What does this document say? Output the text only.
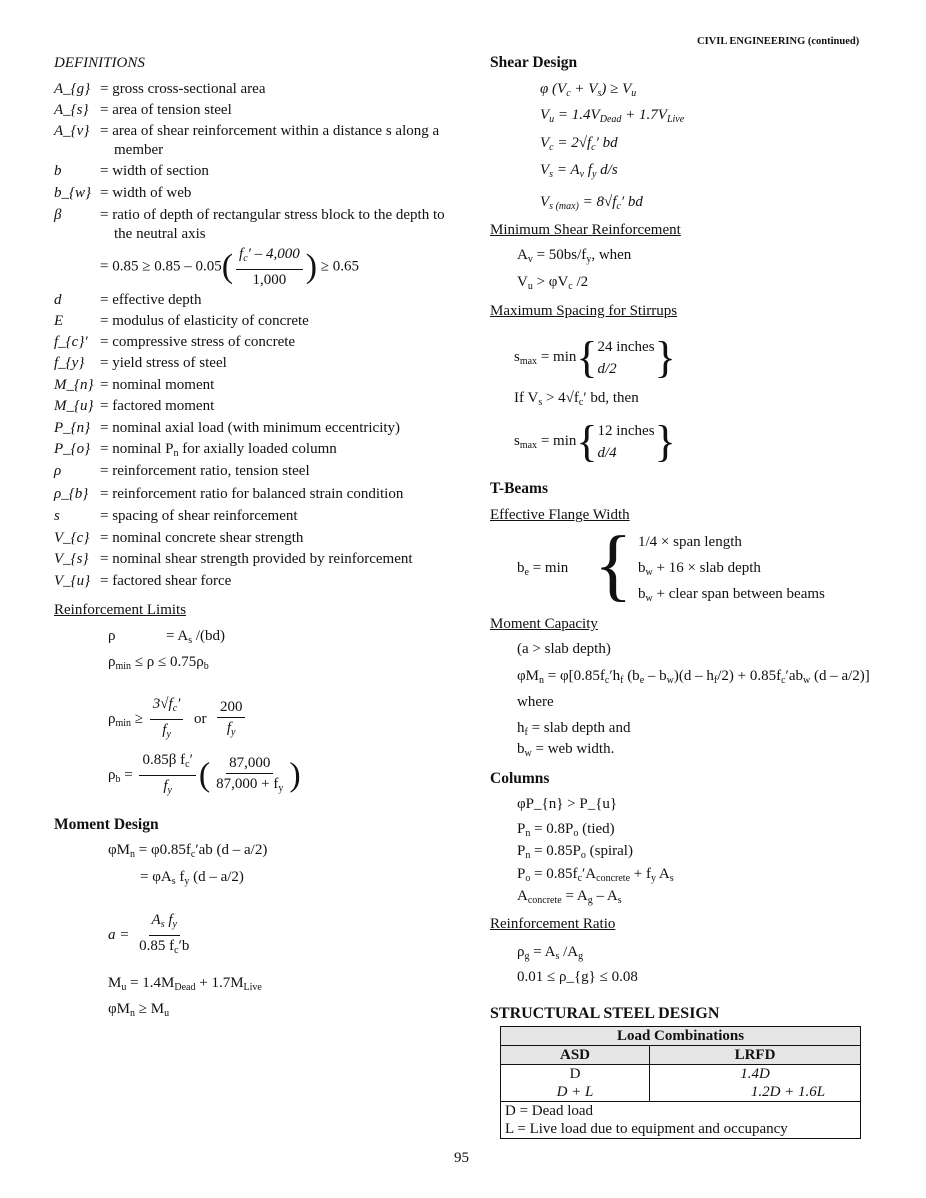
CIVIL ENGINEERING (continued)
DEFINITIONS
A_{g} = gross cross-sectional area
A_{s} = area of tension steel
A_{v} = area of shear reinforcement within a distance s along a
member
b	= width of section
b_{w} = width of web
β	= ratio of depth of rectangular stress block to the depth to
the neutral axis
d	= effective depth
E = modulus of elasticity of concrete
f_{c}′ = compressive stress of concrete
f_{y} = yield stress of steel
M_{n} = nominal moment
M_{u} = factored moment
P_{n} = nominal axial load (with minimum eccentricity)
P_{o} = nominal $P_n$ for axially loaded column
ρ	= reinforcement ratio, tension steel
ρ_{b} = reinforcement ratio for balanced strain condition
s	= spacing of shear reinforcement
V_{c} = nominal concrete shear strength
V_{s} = nominal shear strength provided by reinforcement
V_{u} = factored shear force
= $0.85 \ge 0.85 - 0.05( \frac{f_c' - 4,000}{1,000}$ ) ≥ 0.65
Reinforcement Limits
ρ	= $A_s$ /(bd)
$\rho_{min} \le \rho \le 0.75\rho_b$
$\rho_{min} \ge \frac{3√f_c'}{f_y}$ or $\frac{200}{f_y}$
$\rho_b = \frac{0.85\beta f_c'}{f_y}$ ( $\frac{87,000}{87,000 + f_y}$ )
Moment Design
$\varphi M_n = \varphi 0.85f_c'ab$ (d – a/2)
= $\varphi A_s$ $f_y$ (d – a/2)
$a = \frac{A_s f_y}{0.85 f_c'b}$
$M_u = 1.4M_{Dead} + 1.7M_{Live}$
$\varphi M_n \ge M_u$
Shear Design
φ $(V_c + V_s) \ge V_u$
$V_u = 1.4V_{Dead} + 1.7V_{Live}$
$V_c = 2√f_c'$ bd
$V_s = A_v$ $f_y$ d/s
$V_{s (max)} = 8√f_c'$ bd
Minimum Shear Reinforcement
$A_v = 50bs/f_y$, when
$V_u > \varphi V_c$ /2
Maximum Spacing for Stirrups
$s_{max} = \min${ 24 inches
d/2 }
If $V_s > 4√f_c'$ bd, then
$s_{max} = \min${ 12 inches
d/4 }
T-Beams
Effective Flange Width
$b_e = \min$ { 1/4 × span length
$b_w + 16$ × slab depth
$b_w$ + clear span between beams
Moment Capacity
(a > slab depth)
$\varphi M_n = \varphi[0.85f_c'h_f$ $(b_e - b_w)(d - h_f/2) + 0.85f_c'ab_w$ (d – a/2)]
where
$h_f$ = slab depth and
$b_w$ = web width.
Columns
φP_{n} > P_{u}
$P_n = 0.8P_o$ (tied)
$P_n = 0.85P_o$ (spiral)
$P_o = 0.85f_c'A_{concrete} + f_y$ $A_s$
$A_{concrete} = A_g - A_s$
Reinforcement Ratio
$\rho_g = A_s$ $/A_g$
0.01 ≤ ρ_{g} ≤ 0.08
STRUCTURAL STEEL DESIGN
Load Combinations	
ASD	LRFD
D	1.4D
D + L	1.2D + 1.6L

D = Dead load
L = Live load due to equipment and occupancy	
95
